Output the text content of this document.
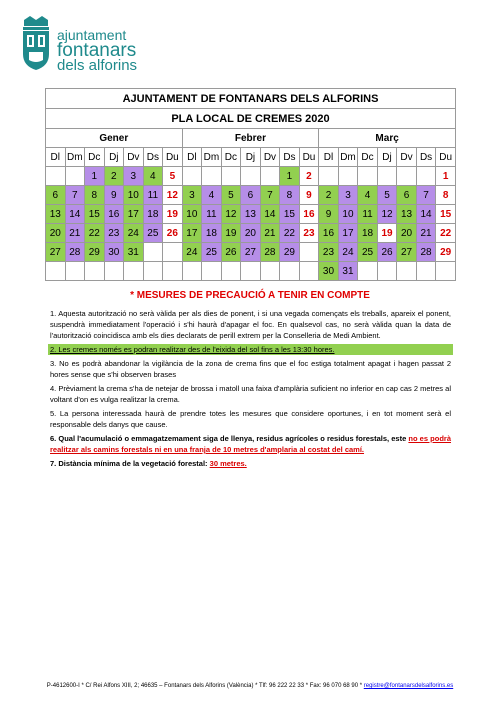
ajuntament
fontanars
dels alforins
AJUNTAMENT DE FONTANARS DELS ALFORINS																				
PLA LOCAL DE CREMES 2020																				
Gener							Febrer							Març						
Dl	Dm	Dc	Dj	Dv	Ds	Du	Dl	Dm	Dc	Dj	Dv	Ds	Du	Dl	Dm	Dc	Dj	Dv	Ds	Du
		1	2	3	4	5						1	2							1
6	7	8	9	10	11	12	3	4	5	6	7	8	9	2	3	4	5	6	7	8
13	14	15	16	17	18	19	10	11	12	13	14	15	16	9	10	11	12	13	14	15
20	21	22	23	24	25	26	17	18	19	20	21	22	23	16	17	18	19	20	21	22
27	28	29	30	31			24	25	26	27	28	29		23	24	25	26	27	28	29
														30	31					
* MESURES DE PRECAUCIÓ A TENIR EN COMPTE
1. Aquesta autorització no serà vàlida per als dies de ponent, i si una vegada començats els treballs, apareix el ponent, suspendrà immediatament l'operació i s'hi haurà d'apagar el foc. En qualsevol cas, no serà vàlida quan la data de l'autorització coincidisca amb els dies declarats de perill extrem per la Conselleria de Medi Ambient.
2. Les cremes només es podran realitzar des de l'eixida del sol fins a les 13:30 hores.
3. No es podrà abandonar la vigilància de la zona de crema fins que el foc estiga totalment apagat i hagen passat 2 hores sense que s'hi observen brases
4. Prèviament la crema s'ha de netejar de brossa i matoll una faixa d'amplària suficient no inferior en cap cas 2 metres al voltant d'on es vulga realitzar la crema.
5. La persona interessada haurà de prendre totes les mesures que considere oportunes, i en tot moment serà el responsable dels danys que cause.
6. Qual l'acumulació o emmagatzemament siga de llenya, residus agrícoles o residus forestals, este no es podrà realitzar als camins forestals ni en una franja de 10 metres d'amplaria al costat del camí.
7. Distància mínima de la vegetació forestal: 30 metres.
P-4612600-I * C/ Rei Alfons XIII, 2; 46635 – Fontanars dels Alforins (València) * Tlf: 96 222 22 33 * Fax: 96 070 68 90 * registre@fontanarsdelsalforins.es
